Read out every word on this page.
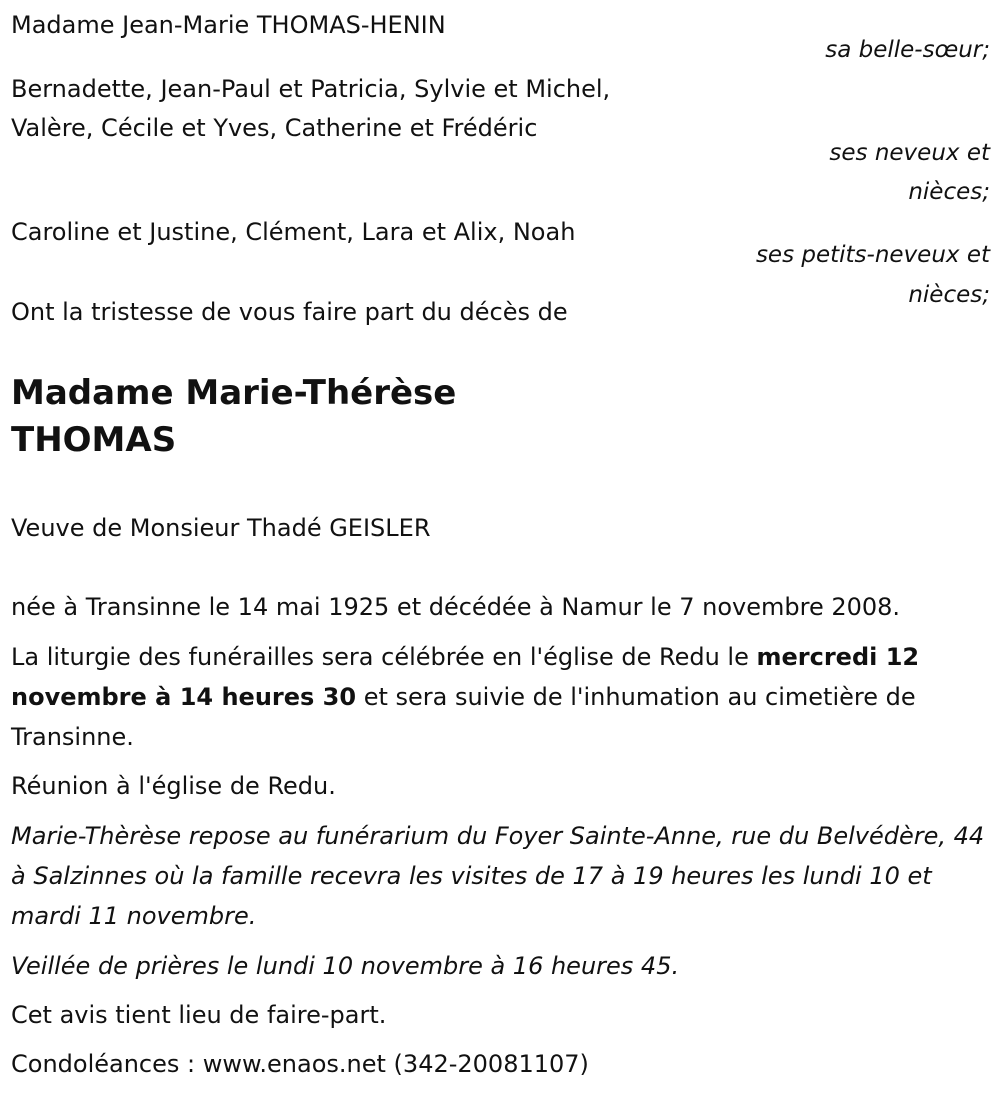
Madame Jean-Marie THOMAS-HENIN
sa belle-sœur;
Bernadette, Jean-Paul et Patricia, Sylvie et Michel,
Valère, Cécile et Yves, Catherine et Frédéric
ses neveux et
nièces;
Caroline et Justine, Clément, Lara et Alix, Noah
ses petits-neveux et
nièces;
Ont la tristesse de vous faire part du décès de
Madame Marie-Thérèse
THOMAS
Veuve de Monsieur Thadé GEISLER
née à Transinne le 14 mai 1925 et décédée à Namur le 7 novembre 2008.
La liturgie des funérailles sera célébrée en l'église de Redu le mercredi 12 novembre à 14 heures 30 et sera suivie de l'inhumation au cimetière de Transinne.
Réunion à l'église de Redu.
Marie-Thèrèse repose au funérarium du Foyer Sainte-Anne, rue du Belvédère, 44 à Salzinnes où la famille recevra les visites de 17 à 19 heures les lundi 10 et mardi 11 novembre.
Veillée de prières le lundi 10 novembre à 16 heures 45.
Cet avis tient lieu de faire-part.
Condoléances : www.enaos.net (342-20081107)
